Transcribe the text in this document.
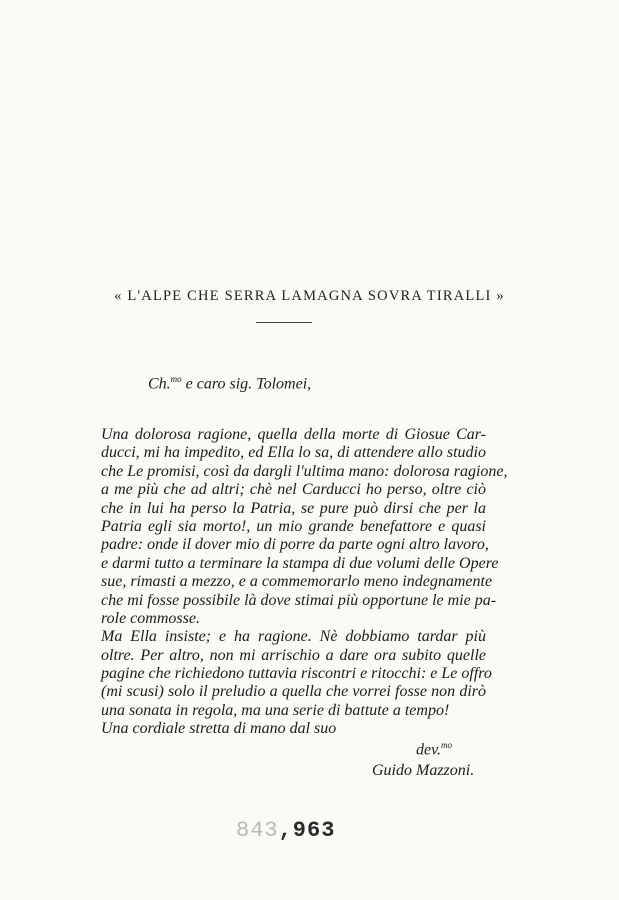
« L'ALPE CHE SERRA LAMAGNA SOVRA TIRALLI »
Ch.$^{mo}$ e caro sig. Tolomei,
Una dolorosa ragione, quella della morte di Giosue Car-
ducci, mi ha impedito, ed Ella lo sa, di attendere allo studio
che Le promisi, così da dargli l'ultima mano: dolorosa ragione,
a me più che ad altri; chè nel Carducci ho perso, oltre ciò
che in lui ha perso la Patria, se pure può dirsi che per la
Patria egli sia morto!, un mio grande benefattore e quasi
padre: onde il dover mio di porre da parte ogni altro lavoro,
e darmi tutto a terminare la stampa di due volumi delle Opere
sue, rimasti a mezzo, e a commemorarlo meno indegnamente
che mi fosse possibile là dove stimai più opportune le mie pa-
role commosse.
Ma Ella insiste; e ha ragione. Nè dobbiamo tardar più
oltre. Per altro, non mi arrischio a dare ora subito quelle
pagine che richiedono tuttavia riscontri e ritocchi: e Le offro
(mi scusi) solo il preludio a quella che vorrei fosse non dirò
una sonata in regola, ma una serie di battute a tempo!
Una cordiale stretta di mano dal suo
dev.$^{mo}$
Guido Mazzoni.
843,963
